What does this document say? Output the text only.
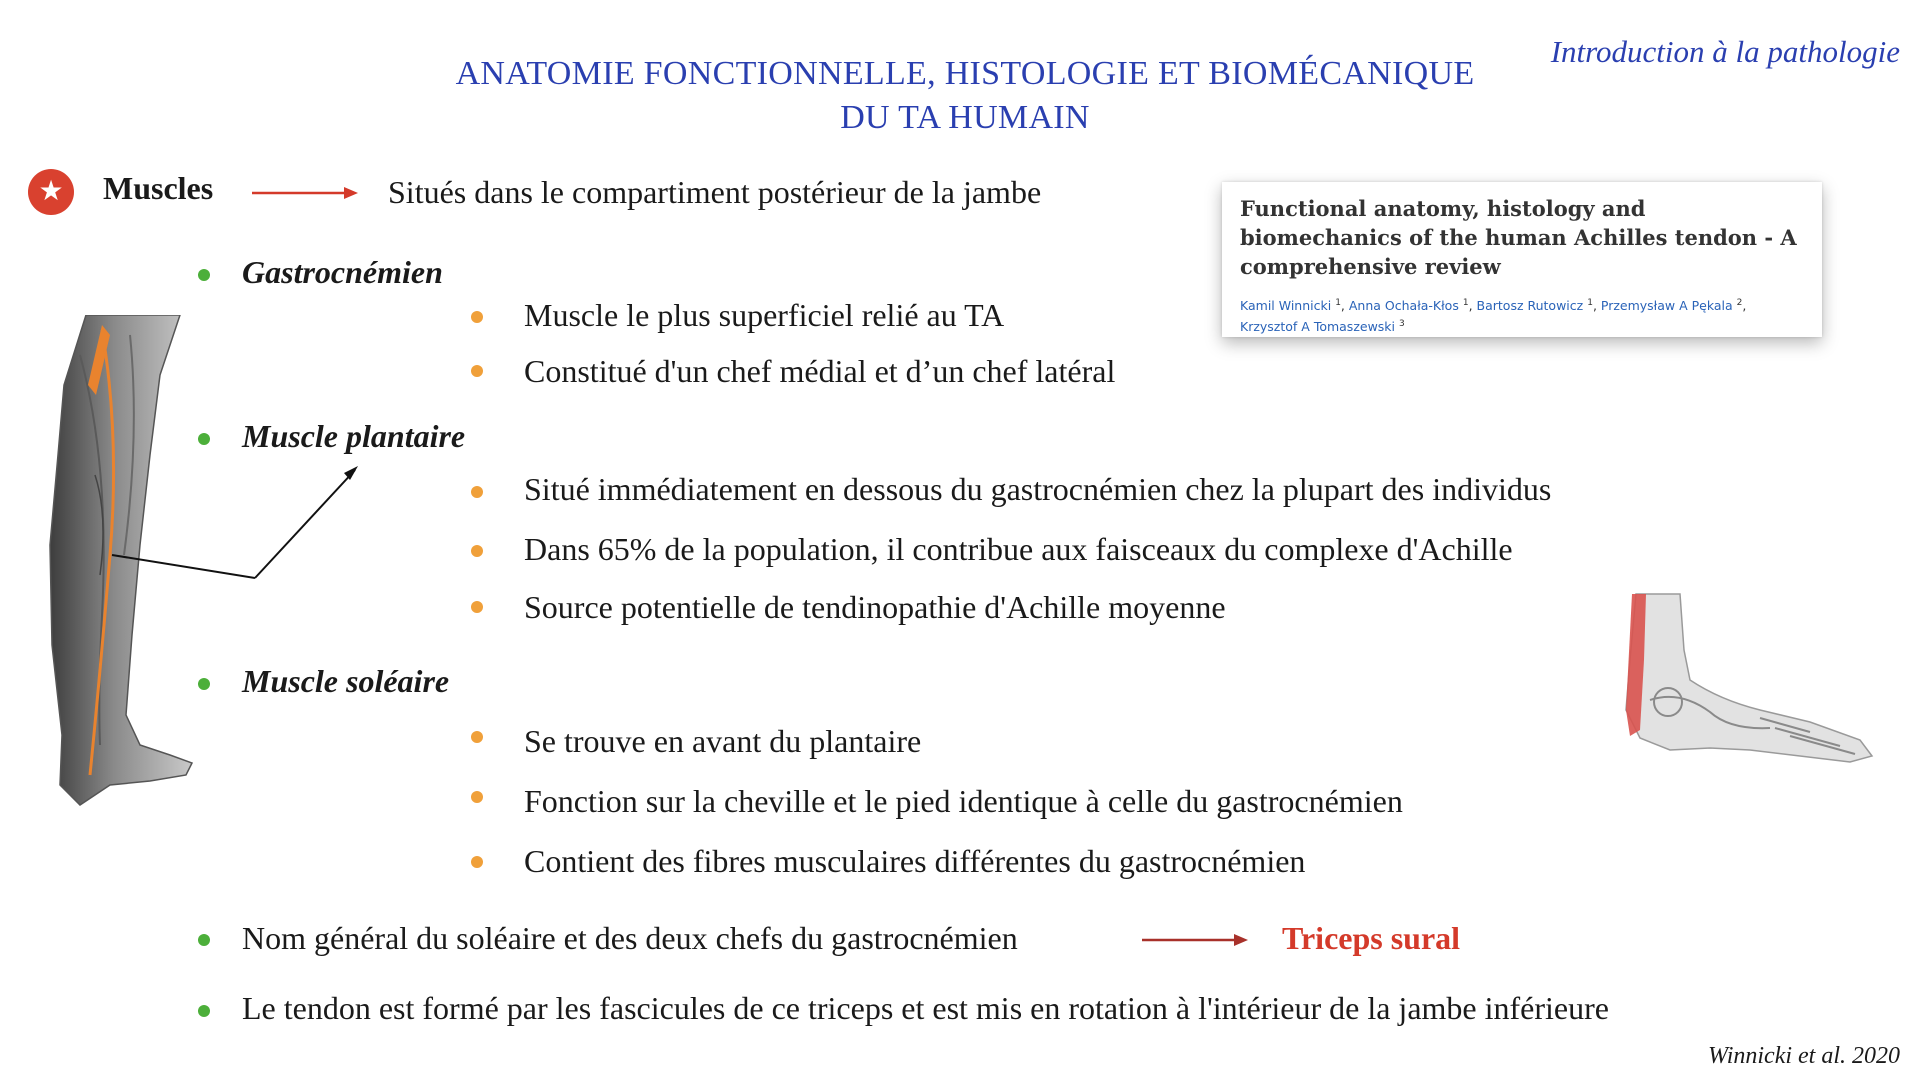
ANATOMIE FONCTIONNELLE, HISTOLOGIE ET BIOMÉCANIQUE
DU TA HUMAIN
Introduction à la pathologie
★ Muscles	Situés dans le compartiment postérieur de la jambe
Gastrocnémien
Muscle le plus superficiel relié au TA
Constitué d'un chef médial et d’un chef latéral
Muscle plantaire
Situé immédiatement en dessous du gastrocnémien chez la plupart des individus
Dans 65% de la population, il contribue aux faisceaux du complexe d'Achille
Source potentielle de tendinopathie d'Achille moyenne
Muscle soléaire
Se trouve en avant du plantaire
Fonction sur la cheville et le pied identique à celle du gastrocnémien
Contient des fibres musculaires différentes du gastrocnémien
Nom général du soléaire et des deux chefs du gastrocnémien	Triceps sural
Le tendon est formé par les fascicules de ce triceps et est mis en rotation à l'intérieur de la jambe inférieure
Functional anatomy, histology and biomechanics of the human Achilles tendon - A comprehensive review
Kamil Winnicki $^1$, Anna Ochała-Kłos $^1$, Bartosz Rutowicz $^1$, Przemysław A Pękala $^2$,
Krzysztof A Tomaszewski $^3$
Winnicki et al. 2020
